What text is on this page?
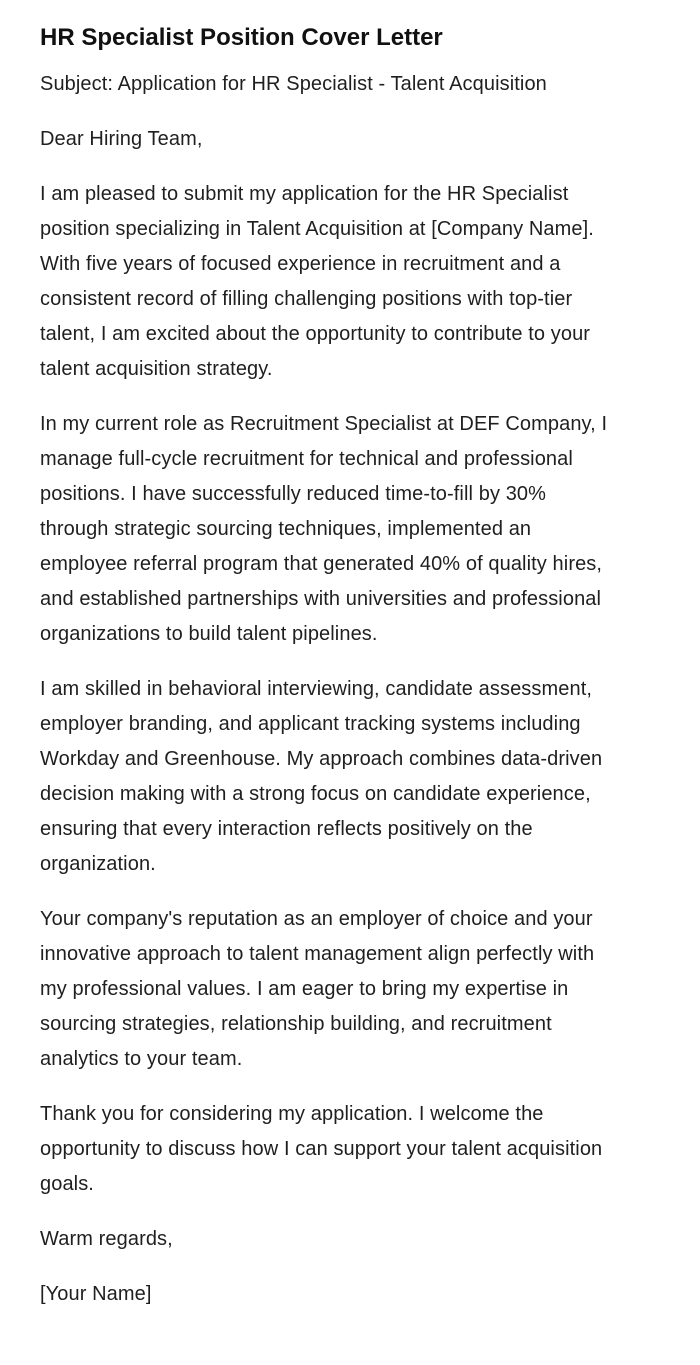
HR Specialist Position Cover Letter

Subject: Application for HR Specialist - Talent Acquisition

Dear Hiring Team,

I am pleased to submit my application for the HR Specialist position specializing in Talent Acquisition at [Company Name]. With five years of focused experience in recruitment and a consistent record of filling challenging positions with top-tier talent, I am excited about the opportunity to contribute to your talent acquisition strategy.

In my current role as Recruitment Specialist at DEF Company, I manage full-cycle recruitment for technical and professional positions. I have successfully reduced time-to-fill by 30% through strategic sourcing techniques, implemented an employee referral program that generated 40% of quality hires, and established partnerships with universities and professional organizations to build talent pipelines.

I am skilled in behavioral interviewing, candidate assessment, employer branding, and applicant tracking systems including Workday and Greenhouse. My approach combines data-driven decision making with a strong focus on candidate experience, ensuring that every interaction reflects positively on the organization.

Your company's reputation as an employer of choice and your innovative approach to talent management align perfectly with my professional values. I am eager to bring my expertise in sourcing strategies, relationship building, and recruitment analytics to your team.

Thank you for considering my application. I welcome the opportunity to discuss how I can support your talent acquisition goals.

Warm regards,

[Your Name]
